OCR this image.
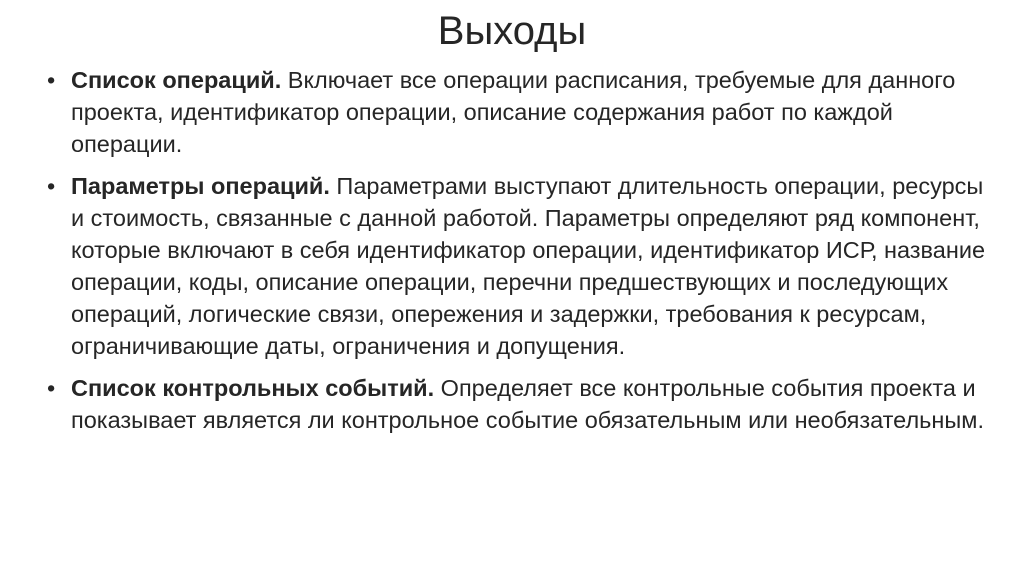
Выходы
• Список операций. Включает все операции расписания, требуемые для данного проекта, идентификатор операции, описание содержания работ по каждой операции.
• Параметры операций. Параметрами выступают длительность операции, ресурсы и стоимость, связанные с данной работой. Параметры определяют ряд компонент, которые включают в себя идентификатор операции, идентификатор ИСР, название операции, коды, описание операции, перечни предшествующих и последующих операций, логические связи, опережения и задержки, требования к ресурсам, ограничивающие даты, ограничения и допущения.
• Список контрольных событий. Определяет все контрольные события проекта и показывает является ли контрольное событие обязательным или необязательным.
